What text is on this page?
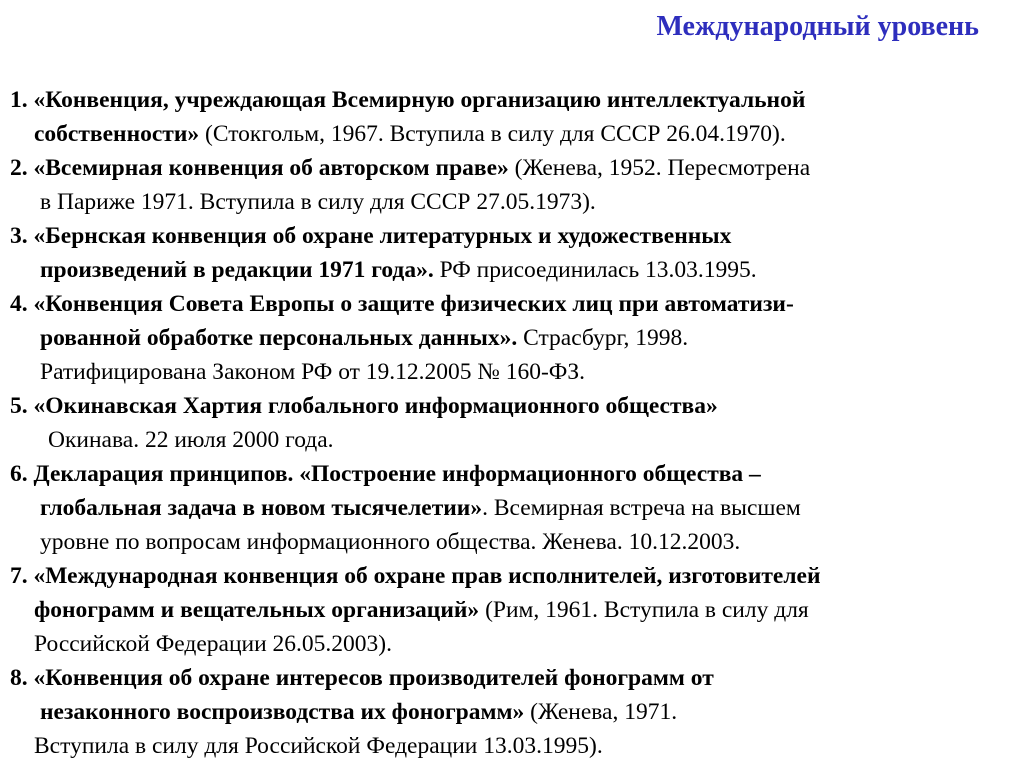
Международный уровень
1. «Конвенция, учреждающая Всемирную организацию интеллектуальной
собственности» (Стокгольм, 1967. Вступила в силу для СССР 26.04.1970).
2. «Всемирная конвенция об авторском праве» (Женева, 1952. Пересмотрена
в Париже 1971. Вступила в силу для СССР 27.05.1973).
3. «Бернская конвенция об охране литературных и художественных
произведений в редакции 1971 года». РФ присоединилась 13.03.1995.
4. «Конвенция Совета Европы о защите физических лиц при автоматизи-
рованной обработке персональных данных». Страсбург, 1998.
Ратифицирована Законом РФ от 19.12.2005 № 160-ФЗ.
5. «Окинавская Хартия глобального информационного общества»
Окинава. 22 июля 2000 года.
6. Декларация принципов. «Построение информационного общества –
глобальная задача в новом тысячелетии». Всемирная встреча на высшем
уровне по вопросам информационного общества. Женева. 10.12.2003.
7. «Международная конвенция об охране прав исполнителей, изготовителей
фонограмм и вещательных организаций» (Рим, 1961. Вступила в силу для
Российской Федерации 26.05.2003).
8. «Конвенция об охране интересов производителей фонограмм от
незаконного воспроизводства их фонограмм» (Женева, 1971.
Вступила в силу для Российской Федерации 13.03.1995).
